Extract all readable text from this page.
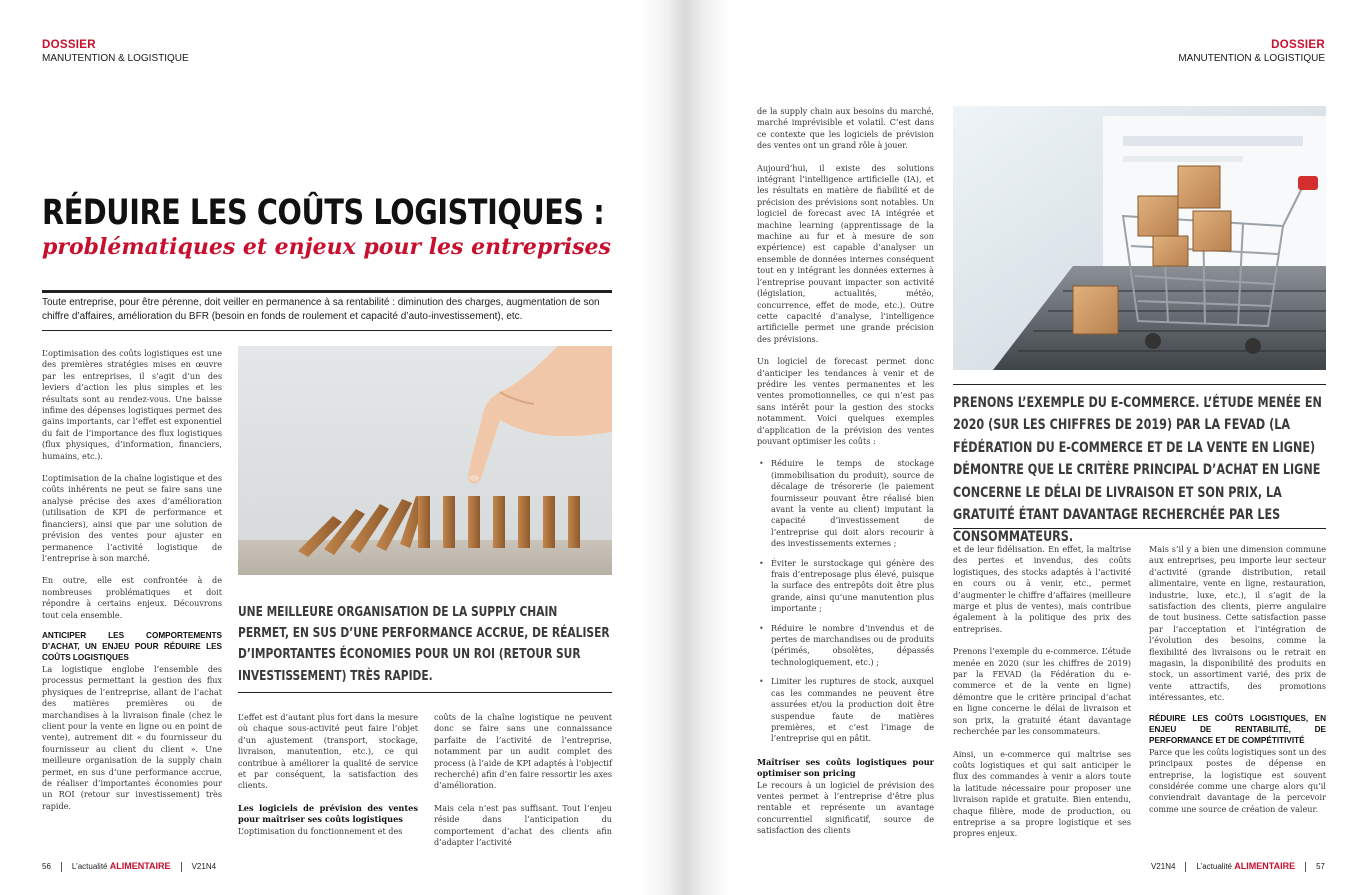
DOSSIER
MANUTENTION & LOGISTIQUE
DOSSIER
MANUTENTION & LOGISTIQUE
RÉDUIRE LES COÛTS LOGISTIQUES :
problématiques et enjeux pour les entreprises
Toute entreprise, pour être pérenne, doit veiller en permanence à sa rentabilité : diminution des charges, augmentation de son chiffre d’affaires, amélioration du BFR (besoin en fonds de roulement et capacité d’auto-investissement), etc.

L’optimisation des coûts logistiques est une des premières stratégies mises en œuvre par les entreprises, il s’agit d’un des leviers d’action les plus simples et les résultats sont au rendez-vous. Une baisse infime des dépenses logistiques permet des gains importants, car l’effet est exponentiel du fait de l’importance des flux logistiques (flux physiques, d’information, financiers, humains, etc.).

L’optimisation de la chaîne logistique et des coûts inhérents ne peut se faire sans une analyse précise des axes d’amélioration (utilisation de KPI de performance et financiers), ainsi que par une solution de prévision des ventes pour ajuster en permanence l’activité logistique de l’entreprise à son marché.

En outre, elle est confrontée à de nombreuses problématiques et doit répondre à certains enjeux. Découvrons tout cela ensemble.

ANTICIPER LES COMPORTEMENTS D’ACHAT, UN ENJEU POUR RÉDUIRE LES COÛTS LOGISTIQUES

La logistique englobe l’ensemble des processus permettant la gestion des flux physiques de l’entreprise, allant de l’achat des matières premières ou de marchandises à la livraison finale (chez le client pour la vente en ligne ou en point de vente), autrement dit « du fournisseur du fournisseur au client du client ». Une meilleure organisation de la supply chain permet, en sus d’une performance accrue, de réaliser d’importantes économies pour un ROI (retour sur investissement) très rapide.

UNE MEILLEURE ORGANISATION DE LA SUPPLY CHAIN PERMET, EN SUS D’UNE PERFORMANCE ACCRUE, DE RÉALISER D’IMPORTANTES ÉCONOMIES POUR UN ROI (RETOUR SUR INVESTISSEMENT) TRÈS RAPIDE.

L’effet est d’autant plus fort dans la mesure où chaque sous-activité peut faire l’objet d’un ajustement (transport, stockage, livraison, manutention, etc.), ce qui contribue à améliorer la qualité de service et par conséquent, la satisfaction des clients.

Les logiciels de prévision des ventes pour maîtriser ses coûts logistiques

L’optimisation du fonctionnement et des

coûts de la chaîne logistique ne peuvent donc se faire sans une connaissance parfaite de l’activité de l’entreprise, notamment par un audit complet des process (à l’aide de KPI adaptés à l’objectif recherché) afin d’en faire ressortir les axes d’amélioration.

Mais cela n’est pas suffisant. Tout l’enjeu réside dans l’anticipation du comportement d’achat des clients afin d’adapter l’activité

56	L’actualité ALIMENTAIRE	V21N4

de la supply chain aux besoins du marché, marché imprévisible et volatil. C’est dans ce contexte que les logiciels de prévision des ventes ont un grand rôle à jouer.

Aujourd’hui, il existe des solutions intégrant l’intelligence artificielle (IA), et les résultats en matière de fiabilité et de précision des prévisions sont notables. Un logiciel de forecast avec IA intégrée et machine learning (apprentissage de la machine au fur et à mesure de son expérience) est capable d’analyser un ensemble de données internes conséquent tout en y intégrant les données externes à l’entreprise pouvant impacter son activité (législation, actualités, météo, concurrence, effet de mode, etc.). Outre cette capacité d’analyse, l’intelligence artificielle permet une grande précision des prévisions.

Un logiciel de forecast permet donc d’anticiper les tendances à venir et de prédire les ventes permanentes et les ventes promotionnelles, ce qui n’est pas sans intérêt pour la gestion des stocks notamment. Voici quelques exemples d’application de la prévision des ventes pouvant optimiser les coûts :

• Réduire le temps de stockage (immobilisation du produit), source de décalage de trésorerie (le paiement fournisseur pouvant être réalisé bien avant la vente au client) imputant la capacité d’investissement de l’entreprise qui doit alors recourir à des investissements externes ;
• Éviter le surstockage qui génère des frais d’entreposage plus élevé, puisque la surface des entrepôts doit être plus grande, ainsi qu’une manutention plus importante ;
• Réduire le nombre d’invendus et de pertes de marchandises ou de produits (périmés, obsolètes, dépassés technologiquement, etc.) ;
• Limiter les ruptures de stock, auxquel cas les commandes ne peuvent être assurées et/ou la production doit être suspendue faute de matières premières, et c’est l’image de l’entreprise qui en pâtit.
Maîtriser ses coûts logistiques pour optimiser son pricing

Le recours à un logiciel de prévision des ventes permet à l’entreprise d’être plus rentable et représente un avantage concurrentiel significatif, source de satisfaction des clients

PRENONS L’EXEMPLE DU E-COMMERCE. L’ÉTUDE MENÉE EN 2020 (SUR LES CHIFFRES DE 2019) PAR LA FEVAD (LA FÉDÉRATION DU E-COMMERCE ET DE LA VENTE EN LIGNE) DÉMONTRE QUE LE CRITÈRE PRINCIPAL D’ACHAT EN LIGNE CONCERNE LE DÉLAI DE LIVRAISON ET SON PRIX, LA GRATUITÉ ÉTANT DAVANTAGE RECHERCHÉE PAR LES CONSOMMATEURS.

et de leur fidélisation. En effet, la maîtrise des pertes et invendus, des coûts logistiques, des stocks adaptés à l’activité en cours ou à venir, etc., permet d’augmenter le chiffre d’affaires (meilleure marge et plus de ventes), mais contribue également à la politique des prix des entreprises.

Prenons l’exemple du e-commerce. L’étude menée en 2020 (sur les chiffres de 2019) par la FEVAD (la Fédération du e-commerce et de la vente en ligne) démontre que le critère principal d’achat en ligne concerne le délai de livraison et son prix, la gratuité étant davantage recherchée par les consommateurs.

Ainsi, un e-commerce qui maîtrise ses coûts logistiques et qui sait anticiper le flux des commandes à venir a alors toute la latitude nécessaire pour proposer une livraison rapide et gratuite. Bien entendu, chaque filière, mode de production, ou entreprise a sa propre logistique et ses propres enjeux.

Mais s’il y a bien une dimension commune aux entreprises, peu importe leur secteur d’activité (grande distribution, retail alimentaire, vente en ligne, restauration, industrie, luxe, etc.), il s’agit de la satisfaction des clients, pierre angulaire de tout business. Cette satisfaction passe par l’acceptation et l’intégration de l’évolution des besoins, comme la flexibilité des livraisons ou le retrait en magasin, la disponibilité des produits en stock, un assortiment varié, des prix de vente attractifs, des promotions intéressantes, etc.

RÉDUIRE LES COÛTS LOGISTIQUES, EN ENJEU DE RENTABILITÉ, DE PERFORMANCE ET DE COMPÉTITIVITÉ

Parce que les coûts logistiques sont un des principaux postes de dépense en entreprise, la logistique est souvent considérée comme une charge alors qu’il conviendrait davantage de la percevoir comme une source de création de valeur.

V21N4	L’actualité ALIMENTAIRE	57
